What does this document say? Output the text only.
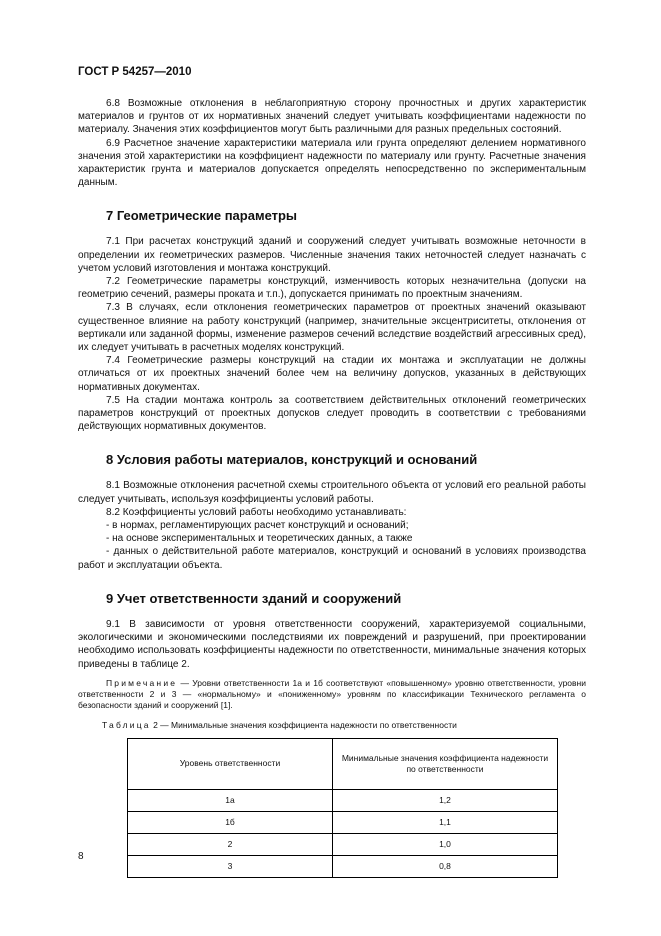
ГОСТ Р 54257—2010

6.8 Возможные отклонения в неблагоприятную сторону прочностных и других характеристик материалов и грунтов от их нормативных значений следует учитывать коэффициентами надежности по материалу. Значения этих коэффициентов могут быть различными для разных предельных состояний.

6.9 Расчетное значение характеристики материала или грунта определяют делением нормативного значения этой характеристики на коэффициент надежности по материалу или грунту. Расчетные значения характеристик грунта и материалов допускается определять непосредственно по экспериментальным данным.

7 Геометрические параметры

7.1 При расчетах конструкций зданий и сооружений следует учитывать возможные неточности в определении их геометрических размеров. Численные значения таких неточностей следует назначать с учетом условий изготовления и монтажа конструкций.

7.2 Геометрические параметры конструкций, изменчивость которых незначительна (допуски на геометрию сечений, размеры проката и т.п.), допускается принимать по проектным значениям.

7.3 В случаях, если отклонения геометрических параметров от проектных значений оказывают существенное влияние на работу конструкций (например, значительные эксцентриситеты, отклонения от вертикали или заданной формы, изменение размеров сечений вследствие воздействий агрессивных сред), их следует учитывать в расчетных моделях конструкций.

7.4 Геометрические размеры конструкций на стадии их монтажа и эксплуатации не должны отличаться от их проектных значений более чем на величину допусков, указанных в действующих нормативных документах.

7.5 На стадии монтажа контроль за соответствием действительных отклонений геометрических параметров конструкций от проектных допусков следует проводить в соответствии с требованиями действующих нормативных документов.

8 Условия работы материалов, конструкций и оснований

8.1 Возможные отклонения расчетной схемы строительного объекта от условий его реальной работы следует учитывать, используя коэффициенты условий работы.

8.2 Коэффициенты условий работы необходимо устанавливать:

- в нормах, регламентирующих расчет конструкций и оснований;

- на основе экспериментальных и теоретических данных, а также

- данных о действительной работе материалов, конструкций и оснований в условиях производства работ и эксплуатации объекта.

9 Учет ответственности зданий и сооружений

9.1 В зависимости от уровня ответственности сооружений, характеризуемой социальными, экологическими и экономическими последствиями их повреждений и разрушений, при проектировании необходимо использовать коэффициенты надежности по ответственности, минимальные значения которых приведены в таблице 2.

Примечание — Уровни ответственности 1а и 1б соответствуют «повышенному» уровню ответственности, уровни ответственности 2 и 3 — «нормальному» и «пониженному» уровням по классификации Технического регламента о безопасности зданий и сооружений [1].

Таблица 2 — Минимальные значения коэффициента надежности по ответственности
Уровень ответственности	Минимальные значения коэффициента надежности по ответственности
1а	1,2
1б	1,1
2	1,0
3	0,8
8
